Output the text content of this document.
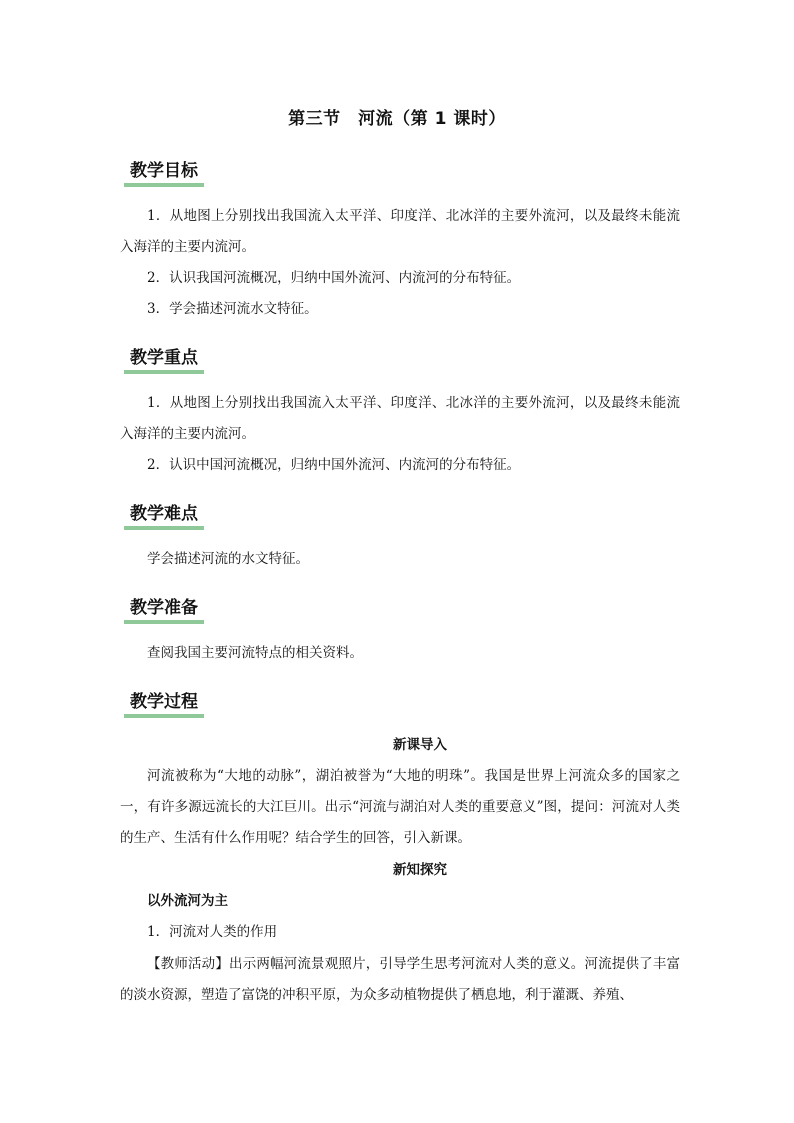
第三节　河流（第 1 课时）
教学目标

1．从地图上分别找出我国流入太平洋、印度洋、北冰洋的主要外流河，以及最终未能流入海洋的主要内流河。

2．认识我国河流概况，归纳中国外流河、内流河的分布特征。

3．学会描述河流水文特征。

教学重点

1．从地图上分别找出我国流入太平洋、印度洋、北冰洋的主要外流河，以及最终未能流入海洋的主要内流河。

2．认识中国河流概况，归纳中国外流河、内流河的分布特征。

教学难点

学会描述河流的水文特征。

教学准备

查阅我国主要河流特点的相关资料。

教学过程

新课导入

河流被称为“大地的动脉”，湖泊被誉为“大地的明珠”。我国是世界上河流众多的国家之一，有许多源远流长的大江巨川。出示“河流与湖泊对人类的重要意义”图，提问：河流对人类的生产、生活有什么作用呢？结合学生的回答，引入新课。

新知探究

以外流河为主

1．河流对人类的作用

【教师活动】出示两幅河流景观照片，引导学生思考河流对人类的意义。河流提供了丰富的淡水资源，塑造了富饶的冲积平原，为众多动植物提供了栖息地，利于灌溉、养殖、
